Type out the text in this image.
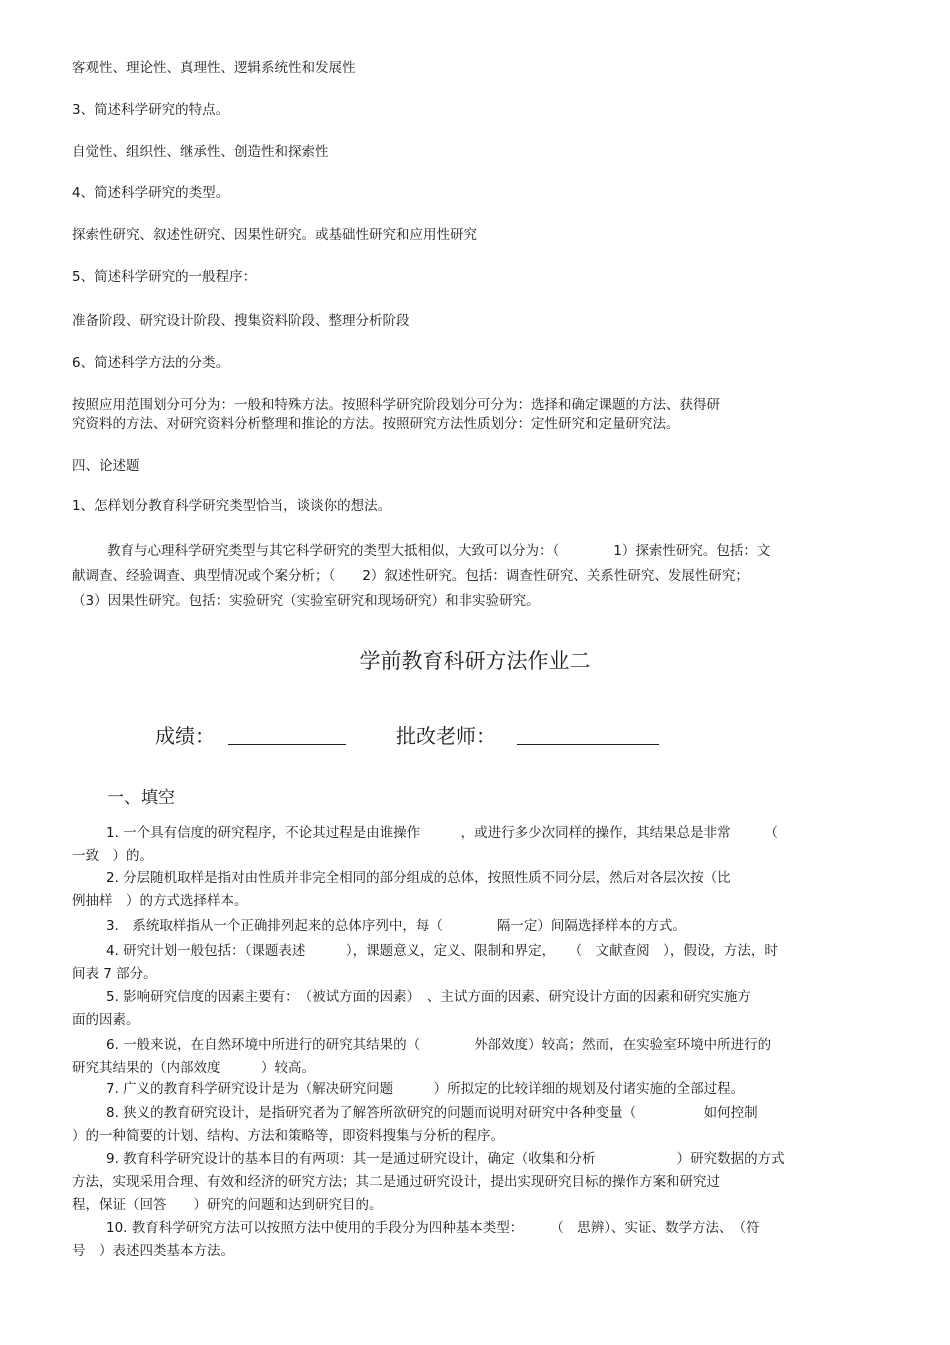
客观性、理论性、真理性、逻辑系统性和发展性

3、简述科学研究的特点。

自觉性、组织性、继承性、创造性和探索性

4、简述科学研究的类型。

探索性研究、叙述性研究、因果性研究。或基础性研究和应用性研究

5、简述科学研究的一般程序：

准备阶段、研究设计阶段、搜集资料阶段、整理分析阶段

6、简述科学方法的分类。

按照应用范围划分可分为：一般和特殊方法。按照科学研究阶段划分可分为：选择和确定课题的方法、获得研

究资料的方法、对研究资料分析整理和推论的方法。按照研究方法性质划分：定性研究和定量研究法。

四、论述题

1、怎样划分教育科学研究类型恰当，谈谈你的想法。

教育与心理科学研究类型与其它科学研究的类型大抵相似，大致可以分为：（　　　　1）探索性研究。包括：文

献调查、经验调查、典型情况或个案分析；（　　2）叙述性研究。包括：调查性研究、关系性研究、发展性研究；

（3）因果性研究。包括：实验研究（实验室研究和现场研究）和非实验研究。

学前教育科研方法作业二
成绩：	批改老师：
一、填空

1. 一个具有信度的研究程序，不论其过程是由谁操作　　　，或进行多少次同样的操作，其结果总是非常　　　（

一致　）的。

2. 分层随机取样是指对由性质并非完全相同的部分组成的总体，按照性质不同分层，然后对各层次按（比

例抽样　）的方式选择样本。

3.　系统取样指从一个正确排列起来的总体序列中，每（　　　　隔一定）间隔选择样本的方式。

4. 研究计划一般包括：（课题表述　　　），课题意义，定义、限制和界定，　　（　文献查阅　），假设，方法，时

间表 7 部分。

5. 影响研究信度的因素主要有：　（被试方面的因素）　、主试方面的因素、研究设计方面的因素和研究实施方

面的因素。

6. 一般来说，在自然环境中所进行的研究其结果的（　　　　外部效度）较高；然而，在实验室环境中所进行的

研究其结果的（内部效度　　　）较高。

7. 广义的教育科学研究设计是为（解决研究问题　　　）所拟定的比较详细的规划及付诸实施的全部过程。

8. 狭义的教育研究设计，是指研究者为了解答所欲研究的问题而说明对研究中各种变量（　　　　　如何控制

）的一种简要的计划、结构、方法和策略等，即资料搜集与分析的程序。

9. 教育科学研究设计的基本目的有两项：其一是通过研究设计，确定（收集和分析　　　　　　）研究数据的方式

方法，实现采用合理、有效和经济的研究方法；其二是通过研究设计，提出实现研究目标的操作方案和研究过

程，保证（回答　　）研究的问题和达到研究目的。

10. 教育科学研究方法可以按照方法中使用的手段分为四种基本类型：　　　（　思辨）、实证、数学方法、　（符

号　）表述四类基本方法。
